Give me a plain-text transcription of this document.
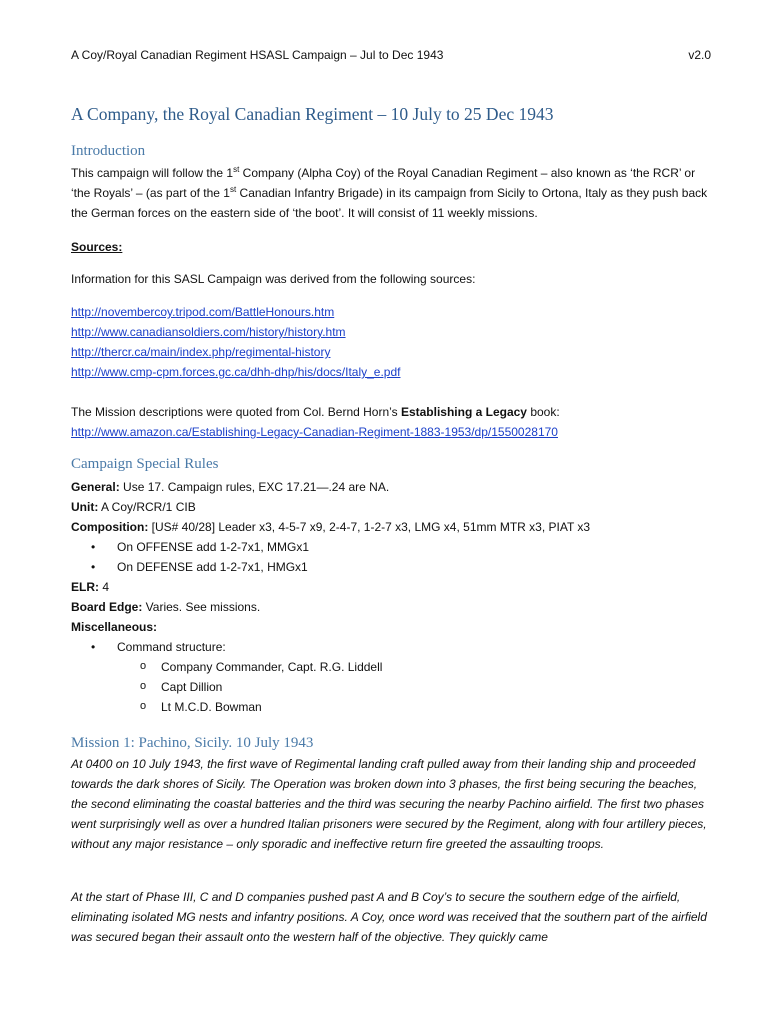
A Coy/Royal Canadian Regiment HSASL Campaign – Jul to Dec 1943	v2.0
A Company, the Royal Canadian Regiment – 10 July to 25 Dec 1943
Introduction

This campaign will follow the 1st Company (Alpha Coy) of the Royal Canadian Regiment – also known as ‘the RCR’ or ‘the Royals’ – (as part of the 1st Canadian Infantry Brigade) in its campaign from Sicily to Ortona, Italy as they push back the German forces on the eastern side of ‘the boot’. It will consist of 11 weekly missions.

Sources:
Information for this SASL Campaign was derived from the following sources:
http://novembercoy.tripod.com/BattleHonours.htm
http://www.canadiansoldiers.com/history/history.htm
http://thercr.ca/main/index.php/regimental-history
http://www.cmp-cpm.forces.gc.ca/dhh-dhp/his/docs/Italy_e.pdf
The Mission descriptions were quoted from Col. Bernd Horn’s Establishing a Legacy book:
http://www.amazon.ca/Establishing-Legacy-Canadian-Regiment-1883-1953/dp/1550028170
Campaign Special Rules
General: Use 17. Campaign rules, EXC 17.21—.24 are NA.
Unit: A Coy/RCR/1 CIB
Composition: [US# 40/28] Leader x3, 4-5-7 x9, 2-4-7, 1-2-7 x3, LMG x4, 51mm MTR x3, PIAT x3
• On OFFENSE add 1-2-7x1, MMGx1
• On DEFENSE add 1-2-7x1, HMGx1
ELR: 4
Board Edge: Varies. See missions.
Miscellaneous:
• Command structure:
o Company Commander, Capt. R.G. Liddell
o Capt Dillion
o Lt M.C.D. Bowman
Mission 1: Pachino, Sicily. 10 July 1943
At 0400 on 10 July 1943, the first wave of Regimental landing craft pulled away from their landing ship and proceeded towards the dark shores of Sicily. The Operation was broken down into 3 phases, the first being securing the beaches, the second eliminating the coastal batteries and the third was securing the nearby Pachino airfield. The first two phases went surprisingly well as over a hundred Italian prisoners were secured by the Regiment, along with four artillery pieces, without any major resistance – only sporadic and ineffective return fire greeted the assaulting troops.
At the start of Phase III, C and D companies pushed past A and B Coy’s to secure the southern edge of the airfield, eliminating isolated MG nests and infantry positions. A Coy, once word was received that the southern part of the airfield was secured began their assault onto the western half of the objective. They quickly came
